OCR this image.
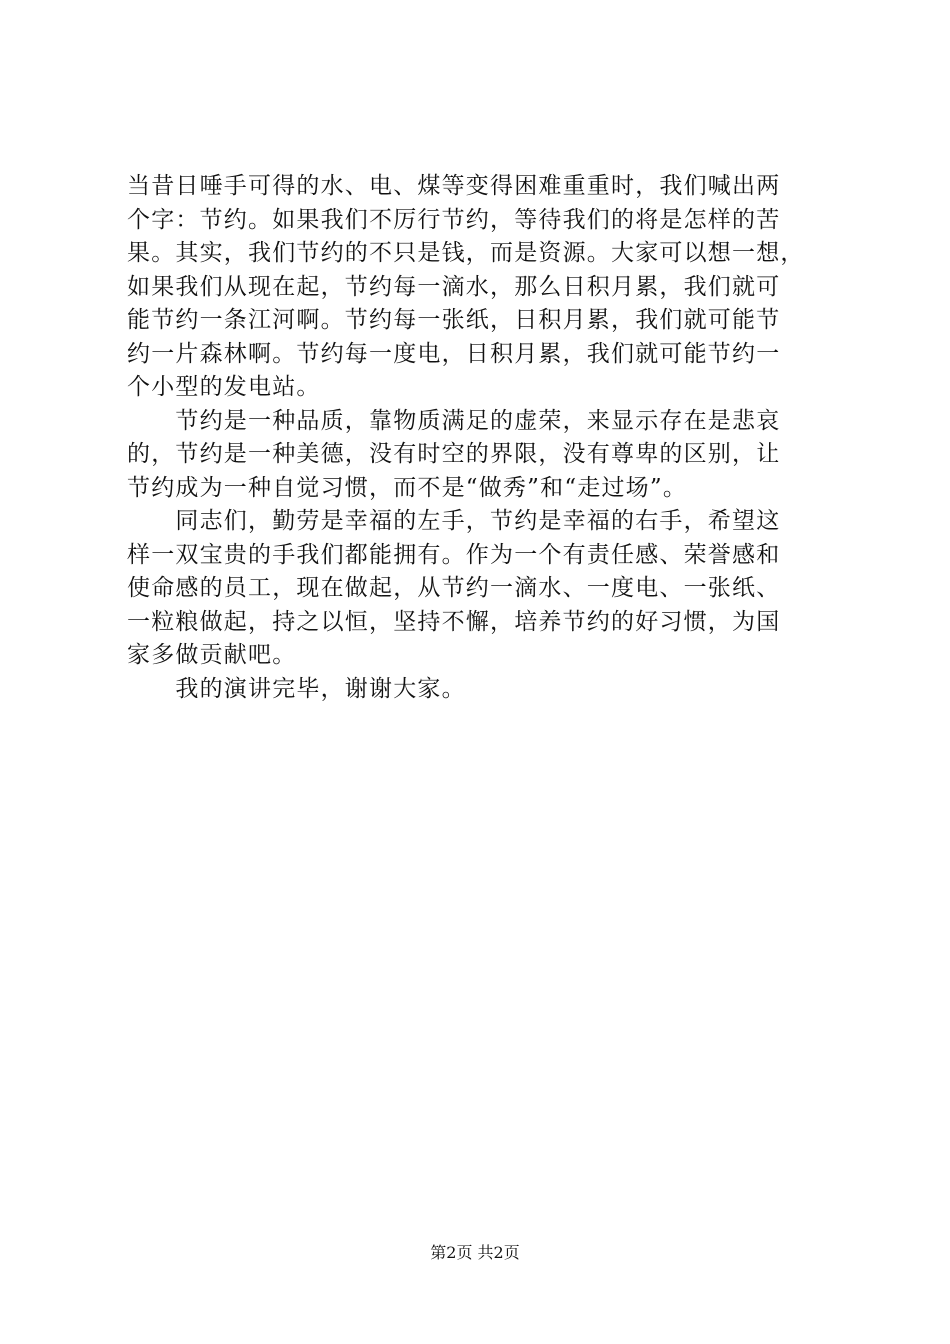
当昔日唾手可得的水、电、煤等变得困难重重时，我们喊出两
个字：节约。如果我们不厉行节约，等待我们的将是怎样的苦
果。其实，我们节约的不只是钱，而是资源。大家可以想一想，
如果我们从现在起，节约每一滴水，那么日积月累，我们就可
能节约一条江河啊。节约每一张纸，日积月累，我们就可能节
约一片森林啊。节约每一度电，日积月累，我们就可能节约一
个小型的发电站。
　　节约是一种品质，靠物质满足的虚荣，来显示存在是悲哀
的，节约是一种美德，没有时空的界限，没有尊卑的区别，让
节约成为一种自觉习惯，而不是“做秀”和“走过场”。
　　同志们，勤劳是幸福的左手，节约是幸福的右手，希望这
样一双宝贵的手我们都能拥有。作为一个有责任感、荣誉感和
使命感的员工，现在做起，从节约一滴水、一度电、一张纸、
一粒粮做起，持之以恒，坚持不懈，培养节约的好习惯，为国
家多做贡献吧。
　　我的演讲完毕，谢谢大家。
第2页 共2页
